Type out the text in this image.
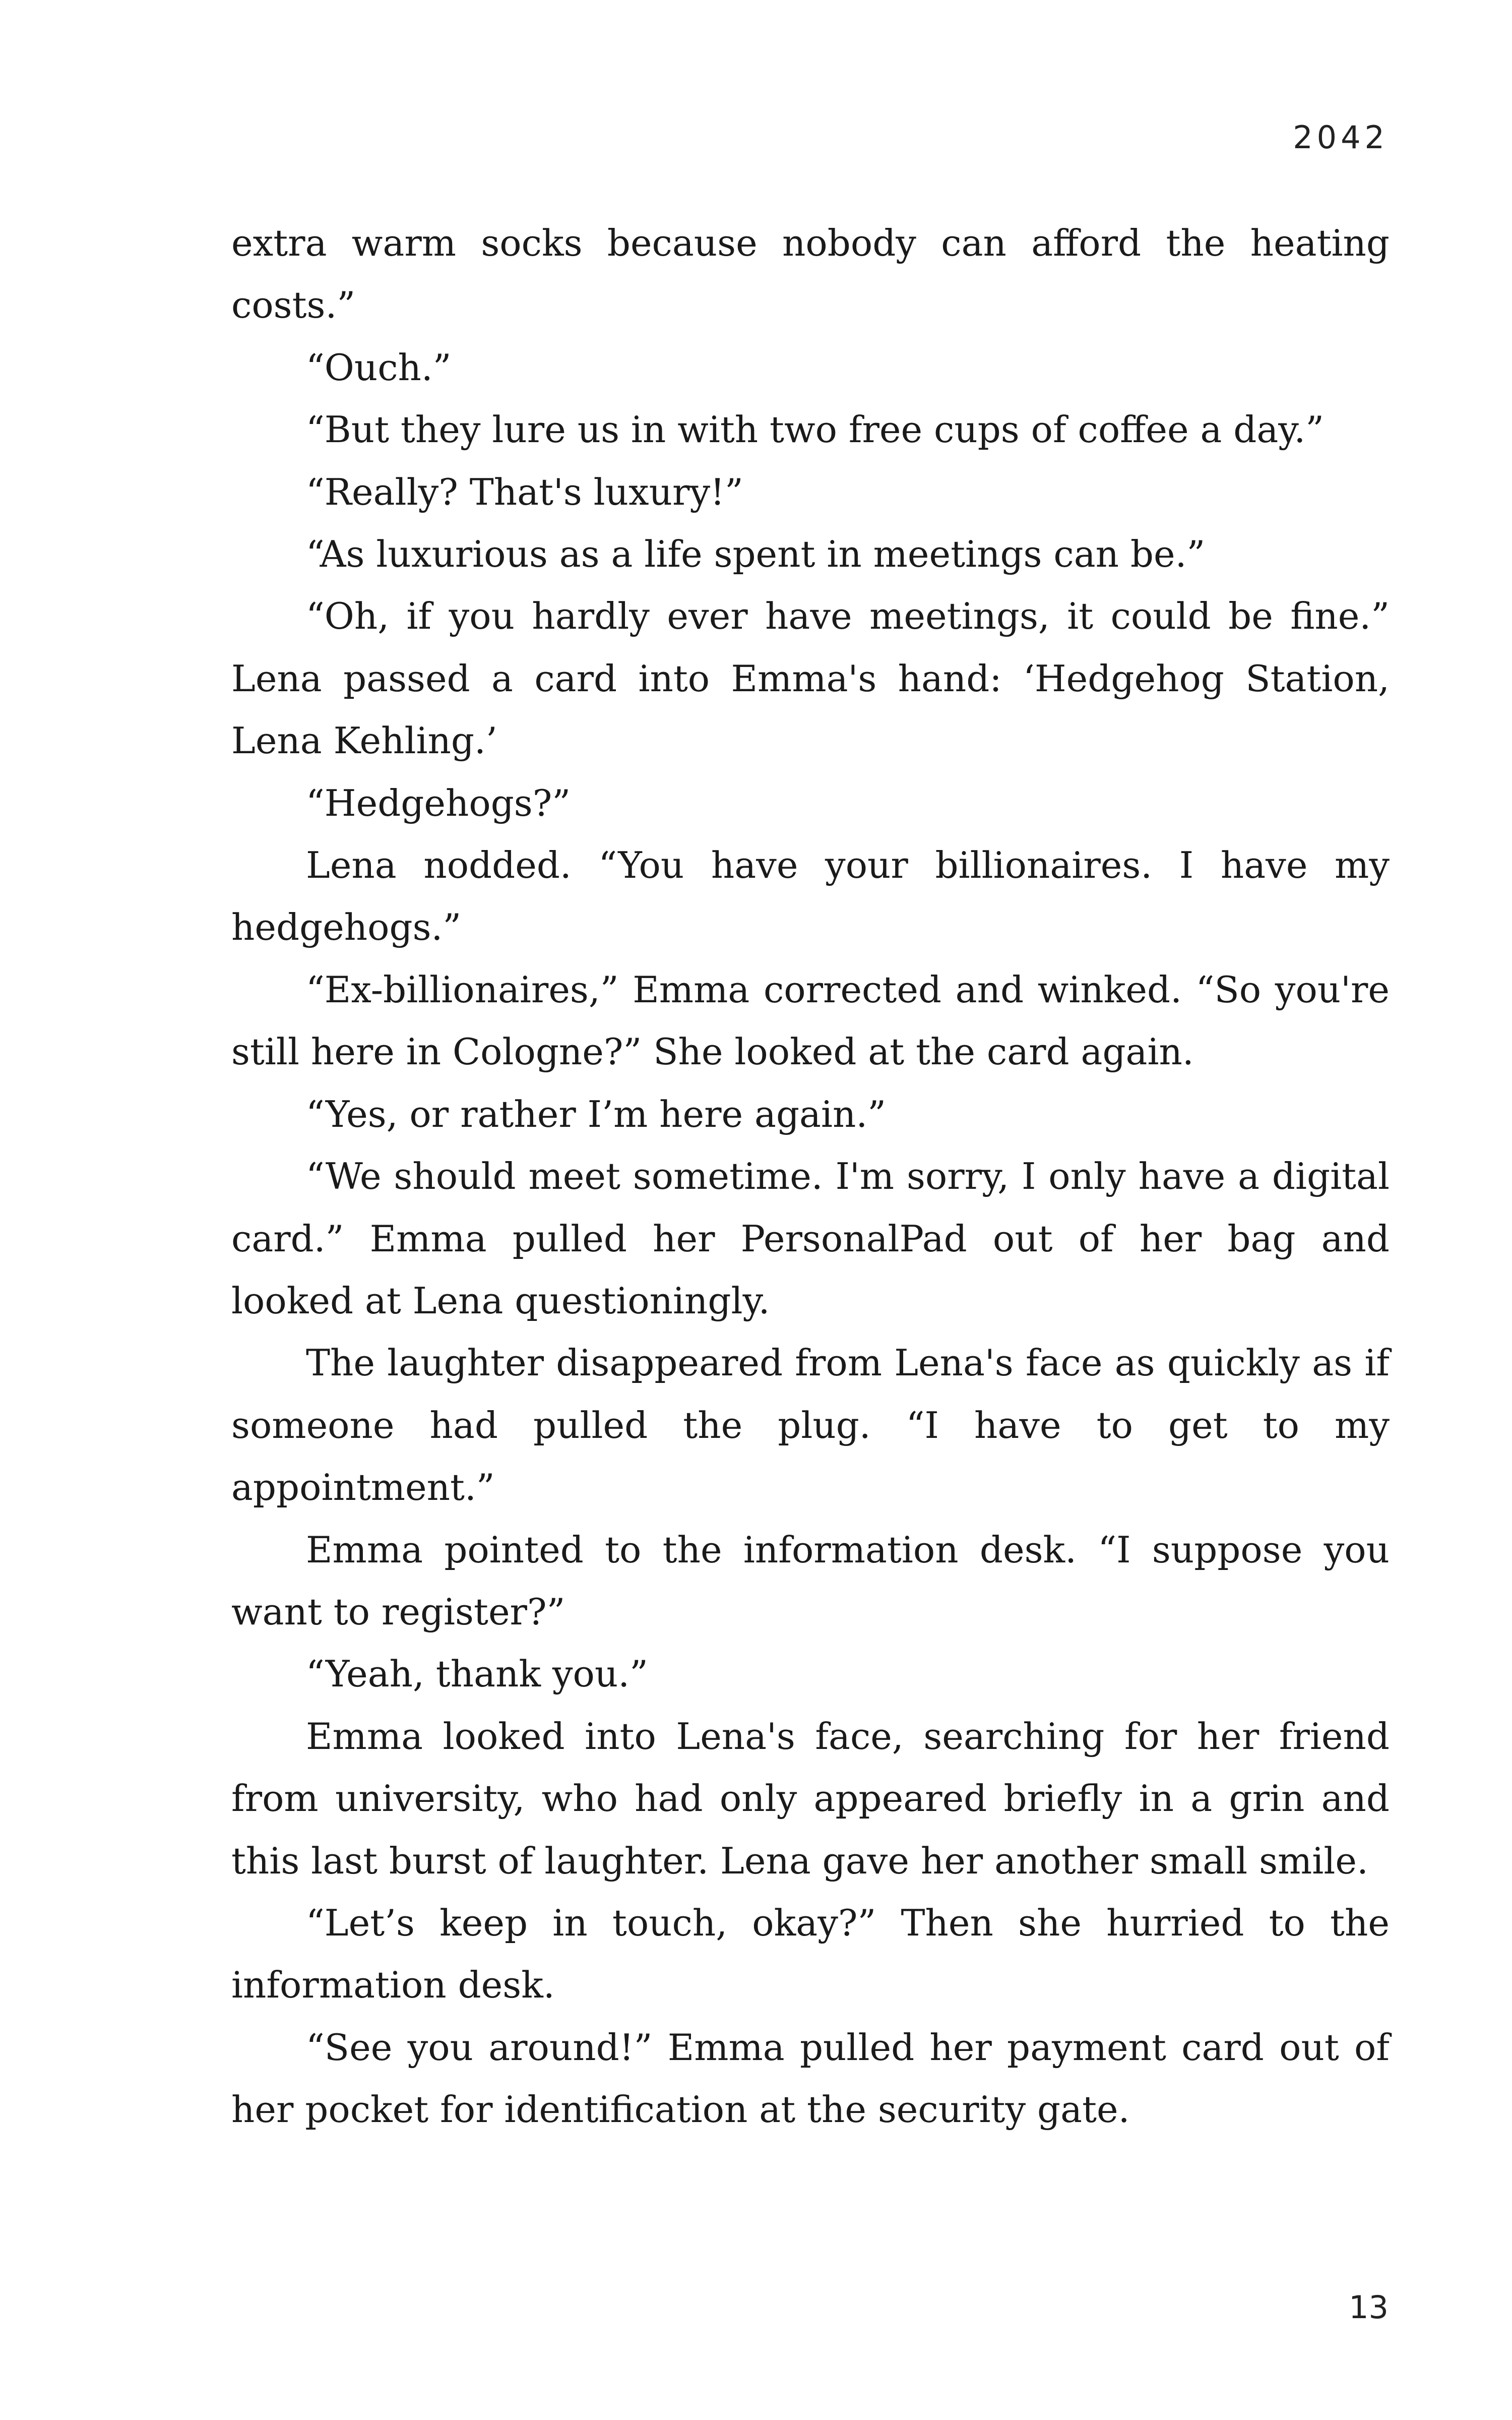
2042

extra warm socks because nobody can afford the heating costs.”

“Ouch.”

“But they lure us in with two free cups of coffee a day.”

“Really? That's luxury!”

“As luxurious as a life spent in meetings can be.”

“Oh, if you hardly ever have meetings, it could be fine.” Lena passed a card into Emma's hand: ‘Hedgehog Station, Lena Kehling.’

“Hedgehogs?”

Lena nodded. “You have your billionaires. I have my hedgehogs.”

“Ex-billionaires,” Emma corrected and winked. “So you're still here in Cologne?” She looked at the card again.

“Yes, or rather I’m here again.”

“We should meet sometime. I'm sorry, I only have a digital card.” Emma pulled her PersonalPad out of her bag and looked at Lena questioningly.

The laughter disappeared from Lena's face as quickly as if someone had pulled the plug. “I have to get to my appointment.”

Emma pointed to the information desk. “I suppose you want to register?”

“Yeah, thank you.”

Emma looked into Lena's face, searching for her friend from university, who had only appeared briefly in a grin and this last burst of laughter. Lena gave her another small smile.

“Let’s keep in touch, okay?” Then she hurried to the information desk.

“See you around!” Emma pulled her payment card out of her pocket for identification at the security gate.

13
